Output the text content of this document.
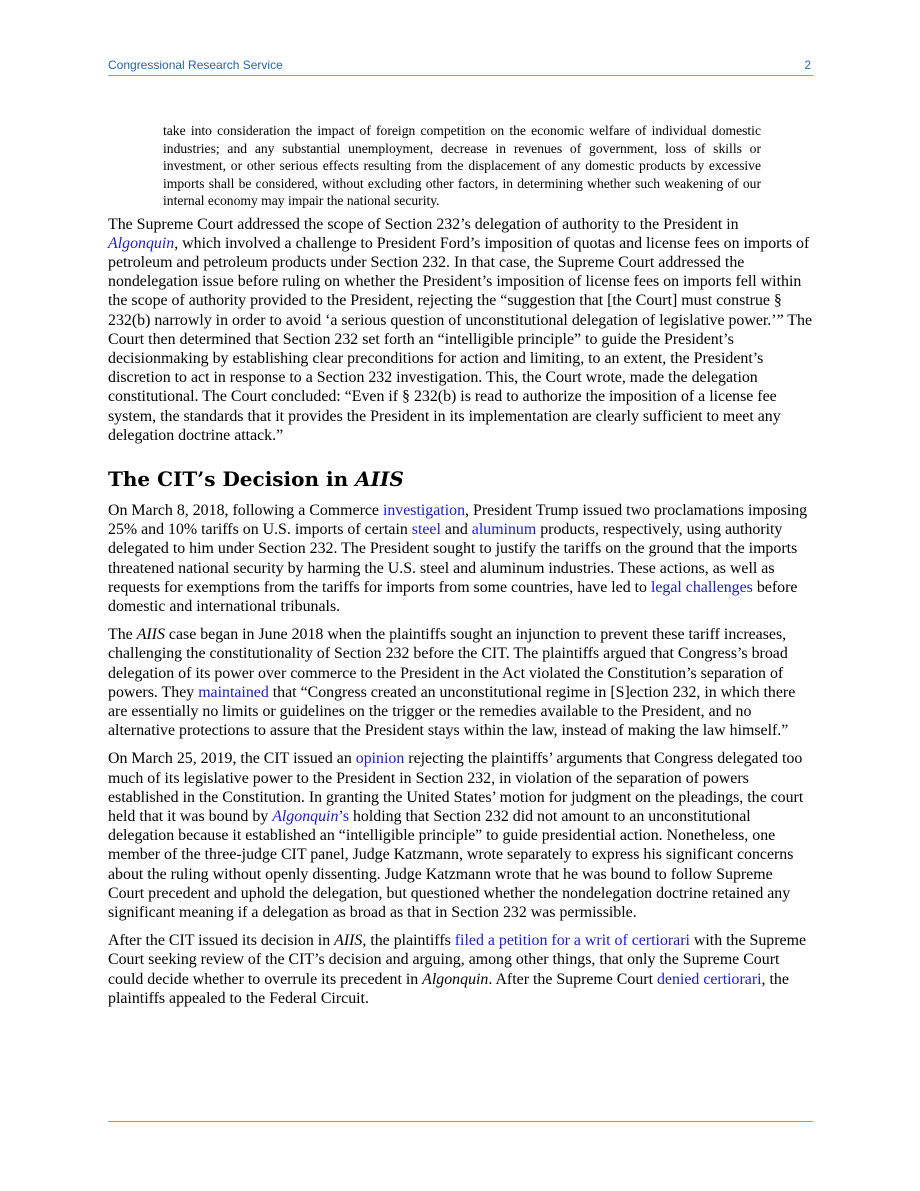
Congressional Research Service	2
take into consideration the impact of foreign competition on the economic welfare of individual domestic industries; and any substantial unemployment, decrease in revenues of government, loss of skills or investment, or other serious effects resulting from the displacement of any domestic products by excessive imports shall be considered, without excluding other factors, in determining whether such weakening of our internal economy may impair the national security.

The Supreme Court addressed the scope of Section 232’s delegation of authority to the President in Algonquin, which involved a challenge to President Ford’s imposition of quotas and license fees on imports of petroleum and petroleum products under Section 232. In that case, the Supreme Court addressed the nondelegation issue before ruling on whether the President’s imposition of license fees on imports fell within the scope of authority provided to the President, rejecting the “suggestion that [the Court] must construe § 232(b) narrowly in order to avoid ‘a serious question of unconstitutional delegation of legislative power.’” The Court then determined that Section 232 set forth an “intelligible principle” to guide the President’s decisionmaking by establishing clear preconditions for action and limiting, to an extent, the President’s discretion to act in response to a Section 232 investigation. This, the Court wrote, made the delegation constitutional. The Court concluded: “Even if § 232(b) is read to authorize the imposition of a license fee system, the standards that it provides the President in its implementation are clearly sufficient to meet any delegation doctrine attack.”

The CIT’s Decision in AIIS

On March 8, 2018, following a Commerce investigation, President Trump issued two proclamations imposing 25% and 10% tariffs on U.S. imports of certain steel and aluminum products, respectively, using authority delegated to him under Section 232. The President sought to justify the tariffs on the ground that the imports threatened national security by harming the U.S. steel and aluminum industries. These actions, as well as requests for exemptions from the tariffs for imports from some countries, have led to legal challenges before domestic and international tribunals.

The AIIS case began in June 2018 when the plaintiffs sought an injunction to prevent these tariff increases, challenging the constitutionality of Section 232 before the CIT. The plaintiffs argued that Congress’s broad delegation of its power over commerce to the President in the Act violated the Constitution’s separation of powers. They maintained that “Congress created an unconstitutional regime in [S]ection 232, in which there are essentially no limits or guidelines on the trigger or the remedies available to the President, and no alternative protections to assure that the President stays within the law, instead of making the law himself.”

On March 25, 2019, the CIT issued an opinion rejecting the plaintiffs’ arguments that Congress delegated too much of its legislative power to the President in Section 232, in violation of the separation of powers established in the Constitution. In granting the United States’ motion for judgment on the pleadings, the court held that it was bound by Algonquin’s holding that Section 232 did not amount to an unconstitutional delegation because it established an “intelligible principle” to guide presidential action. Nonetheless, one member of the three-judge CIT panel, Judge Katzmann, wrote separately to express his significant concerns about the ruling without openly dissenting. Judge Katzmann wrote that he was bound to follow Supreme Court precedent and uphold the delegation, but questioned whether the nondelegation doctrine retained any significant meaning if a delegation as broad as that in Section 232 was permissible.

After the CIT issued its decision in AIIS, the plaintiffs filed a petition for a writ of certiorari with the Supreme Court seeking review of the CIT’s decision and arguing, among other things, that only the Supreme Court could decide whether to overrule its precedent in Algonquin. After the Supreme Court denied certiorari, the plaintiffs appealed to the Federal Circuit.
